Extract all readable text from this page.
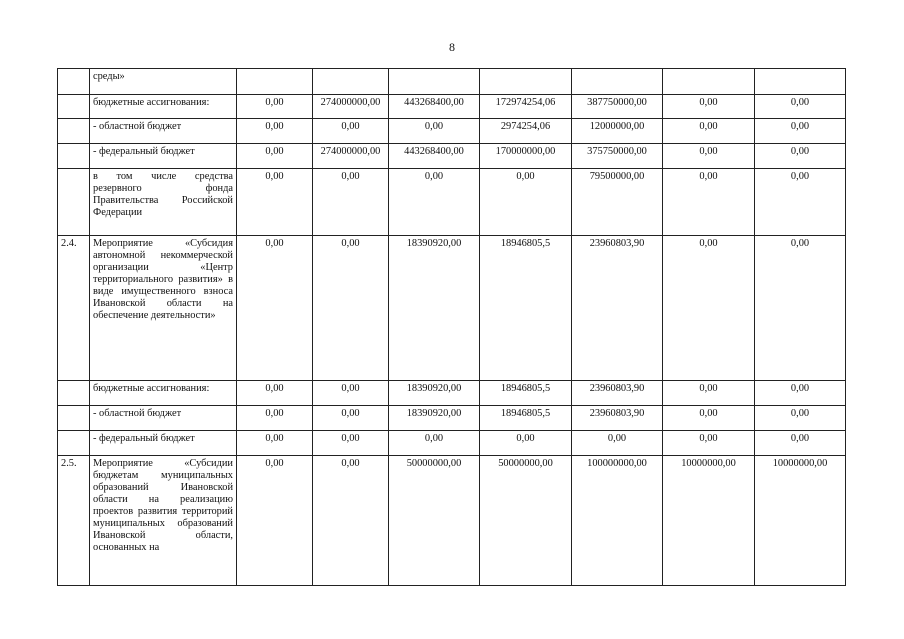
8
	среды»							
	бюджетные ассигнования:	0,00	274000000,00	443268400,00	172974254,06	387750000,00	0,00	0,00
	- областной бюджет	0,00	0,00	0,00	2974254,06	12000000,00	0,00	0,00
	- федеральный бюджет	0,00	274000000,00	443268400,00	170000000,00	375750000,00	0,00	0,00
	в том числе средства резервного фонда Правительства Российской Федерации	0,00	0,00	0,00	0,00	79500000,00	0,00	0,00
2.4.	Мероприятие «Субсидия автономной некоммерческой организации «Центр территориального развития» в виде имущественного взноса Ивановской области на обеспечение деятельности»	0,00	0,00	18390920,00	18946805,5	23960803,90	0,00	0,00
	бюджетные ассигнования:	0,00	0,00	18390920,00	18946805,5	23960803,90	0,00	0,00
	- областной бюджет	0,00	0,00	18390920,00	18946805,5	23960803,90	0,00	0,00
	- федеральный бюджет	0,00	0,00	0,00	0,00	0,00	0,00	0,00
2.5.	Мероприятие «Субсидии бюджетам муниципальных образований Ивановской области на реализацию проектов развития территорий муниципальных образований Ивановской области, основанных на	0,00	0,00	50000000,00	50000000,00	100000000,00	10000000,00	10000000,00
